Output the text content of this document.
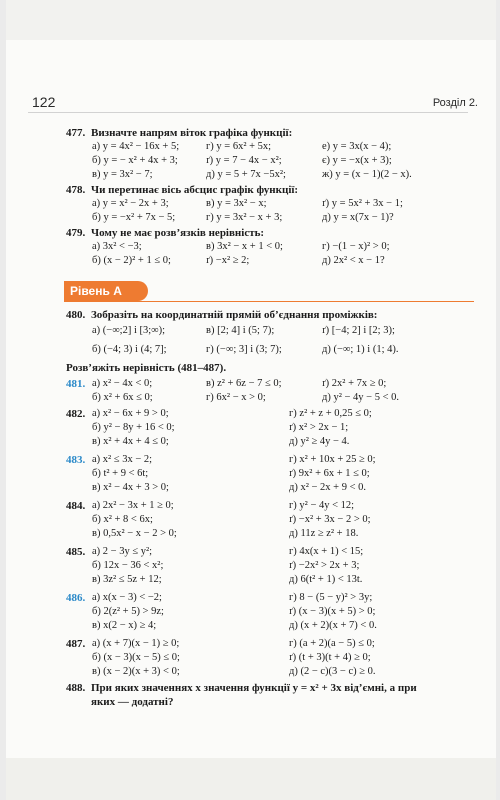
122	Розділ 2.
477. Визначте напрям віток графіка функції:
а) y = 4x² − 16x + 5;	г) y = 6x² + 5x;	е) y = 3x(x − 4);
б) y = − x² + 4x + 3;	ґ) y = 7 − 4x − x²;	є) y = −x(x + 3);
в) y = 3x² − 7;	д) y = 5 + 7x −5x²;	ж) y = (x − 1)(2 − x).
478. Чи перетинає вісь абсцис графік функції:
а) y = x² − 2x + 3;	в) y = 3x² − x;	ґ) y = 5x² + 3x − 1;
б) y = −x² + 7x − 5;	г) y = 3x² − x + 3;	д) y = x(7x − 1)?
479. Чому не має розв’язків нерівність:
а) 3x² < −3;	в) 3x² − x + 1 < 0;	г) −(1 − x)² > 0;
б) (x − 2)² + 1 ≤ 0;	ґ) −x² ≥ 2;	д) 2x² < x − 1?
Рівень А
480. Зобразіть на координатній прямій об’єднання проміжків:
а) (−∞;2] і [3;∞);	в) [2; 4] і (5; 7);	ґ) [−4; 2] і [2; 3);
б) (−4; 3) і (4; 7];	г) (−∞; 3] і (3; 7);	д) (−∞; 1) і (1; 4).
Розв’яжіть нерівність (481–487).
481. а) x² − 4x < 0;	в) z² + 6z − 7 ≤ 0;	ґ) 2x² + 7x ≥ 0;
б) x² + 6x ≤ 0;	г) 6x² − x > 0;	д) y² − 4y − 5 < 0.
482. а) x² − 6x + 9 > 0;	г) z² + z + 0,25 ≤ 0;
б) y² − 8y + 16 < 0;	ґ) x² > 2x − 1;
в) x² + 4x + 4 ≤ 0;	д) y² ≥ 4y − 4.
483. а) x² ≤ 3x − 2;	г) x² + 10x + 25 ≥ 0;
б) t² + 9 < 6t;	ґ) 9x² + 6x + 1 ≤ 0;
в) x² − 4x + 3 > 0;	д) x² − 2x + 9 < 0.
484. а) 2x² − 3x + 1 ≥ 0;	г) y² − 4y < 12;
б) x² + 8 < 6x;	ґ) −x² + 3x − 2 > 0;
в) 0,5x² − x − 2 > 0;	д) 11z ≥ z² + 18.
485. а) 2 − 3y ≤ y²;	г) 4x(x + 1) < 15;
б) 12x − 36 < x²;	ґ) −2x² > 2x + 3;
в) 3z² ≤ 5z + 12;	д) 6(t² + 1) < 13t.
486. а) x(x − 3) < −2;	г) 8 − (5 − y)² > 3y;
б) 2(z² + 5) > 9z;	ґ) (x − 3)(x + 5) > 0;
в) x(2 − x) ≥ 4;	д) (x + 2)(x + 7) < 0.
487. а) (x + 7)(x − 1) ≥ 0;	г) (a + 2)(a − 5) ≤ 0;
б) (x − 3)(x − 5) ≤ 0;	ґ) (t + 3)(t + 4) ≥ 0;
в) (x − 2)(x + 3) < 0;	д) (2 − c)(3 − c) ≥ 0.
488. При яких значеннях x значення функції y = x² + 3x від’ємні, а при
яких — додатні?
